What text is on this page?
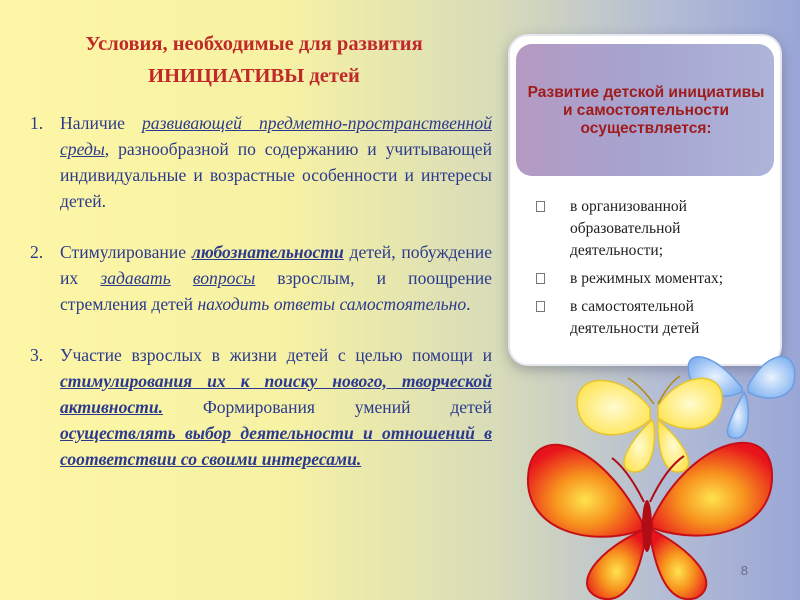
Условия, необходимые для развития
ИНИЦИАТИВЫ детей
1. Наличие развивающей предметно-пространственной среды, разнообразной по содержанию и учитывающей индивидуальные и возрастные особенности и интересы детей.
2. Стимулирование любознательности детей, побуждение их задавать вопросы взрослым, и поощрение стремления детей находить ответы самостоятельно.
3. Участие взрослых в жизни детей с целью помощи и стимулирования их к поиску нового, творческой активности. Формирования умений детей осуществлять выбор деятельности и отношений в соответствии со своими интересами.
Развитие детской инициативы и самостоятельности осуществляется:
в организованной образовательной деятельности;
в режимных моментах;
в самостоятельной деятельности детей
8
